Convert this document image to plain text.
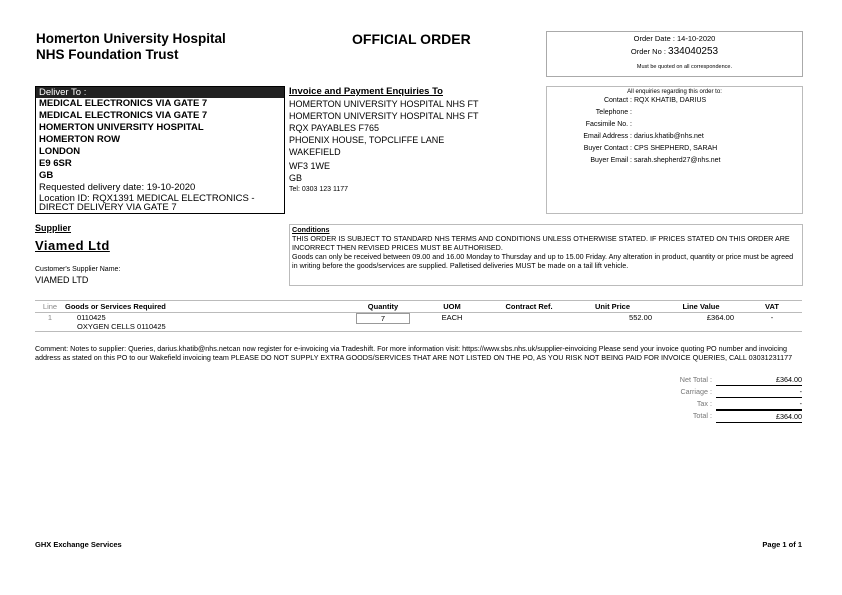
Homerton University Hospital
NHS Foundation Trust
OFFICIAL ORDER	Order Date : 14-10-2020
Order No : 334040253
Must be quoted on all correspondence.
Deliver To :
MEDICAL ELECTRONICS VIA GATE 7
MEDICAL ELECTRONICS VIA GATE 7
HOMERTON UNIVERSITY HOSPITAL
HOMERTON ROW
LONDON
E9 6SR
GB
Requested delivery date: 19-10-2020
Location ID: RQX1391 MEDICAL ELECTRONICS -
DIRECT DELIVERY VIA GATE 7
Invoice and Payment Enquiries To
HOMERTON UNIVERSITY HOSPITAL NHS FT
HOMERTON UNIVERSITY HOSPITAL NHS FT
RQX PAYABLES F765
PHOENIX HOUSE, TOPCLIFFE LANE
WAKEFIELD
WF3 1WE
GB
Tel: 0303 123 1177
All enquiries regarding this order to:
Contact : RQX KHATIB, DARIUS
Telephone :
Facsimile No. :
Email Address : darius.khatib@nhs.net
Buyer Contact : CPS SHEPHERD, SARAH
Buyer Email : sarah.shepherd27@nhs.net
Supplier
Viamed Ltd
Customer's Supplier Name:
VIAMED LTD
Conditions
THIS ORDER IS SUBJECT TO STANDARD NHS TERMS AND CONDITIONS UNLESS OTHERWISE STATED. IF PRICES STATED ON THIS ORDER ARE INCORRECT THEN REVISED PRICES MUST BE AUTHORISED.
Goods can only be received between 09.00 and 16.00 Monday to Thursday and up to 15.00 Friday. Any alteration in product, quantity or price must be agreed in writing before the goods/services are supplied. Palletised deliveries MUST be made on a tail lift vehicle.
Line	Goods or Services Required	Quantity	UOM	Contract Ref.	Unit Price	Line Value	VAT
1	0110425
OXYGEN CELLS 0110425	7	EACH		552.00	£364.00	-
Comment: Notes to supplier: Queries, darius.khatib@nhs.netcan now register for e-invoicing via Tradeshift. For more information visit: https://www.sbs.nhs.uk/supplier-einvoicing Please send your invoice quoting PO number and invoicing address as stated on this PO to our Wakefield invoicing team PLEASE DO NOT SUPPLY EXTRA GOODS/SERVICES THAT ARE NOT LISTED ON THE PO, AS YOU RISK NOT BEING PAID FOR INVOICE QUERIES, CALL 03031231177
Net Total :	£364.00
Carriage :	-
Tax :	-
Total :	£364.00
GHX Exchange Services	Page 1 of 1
